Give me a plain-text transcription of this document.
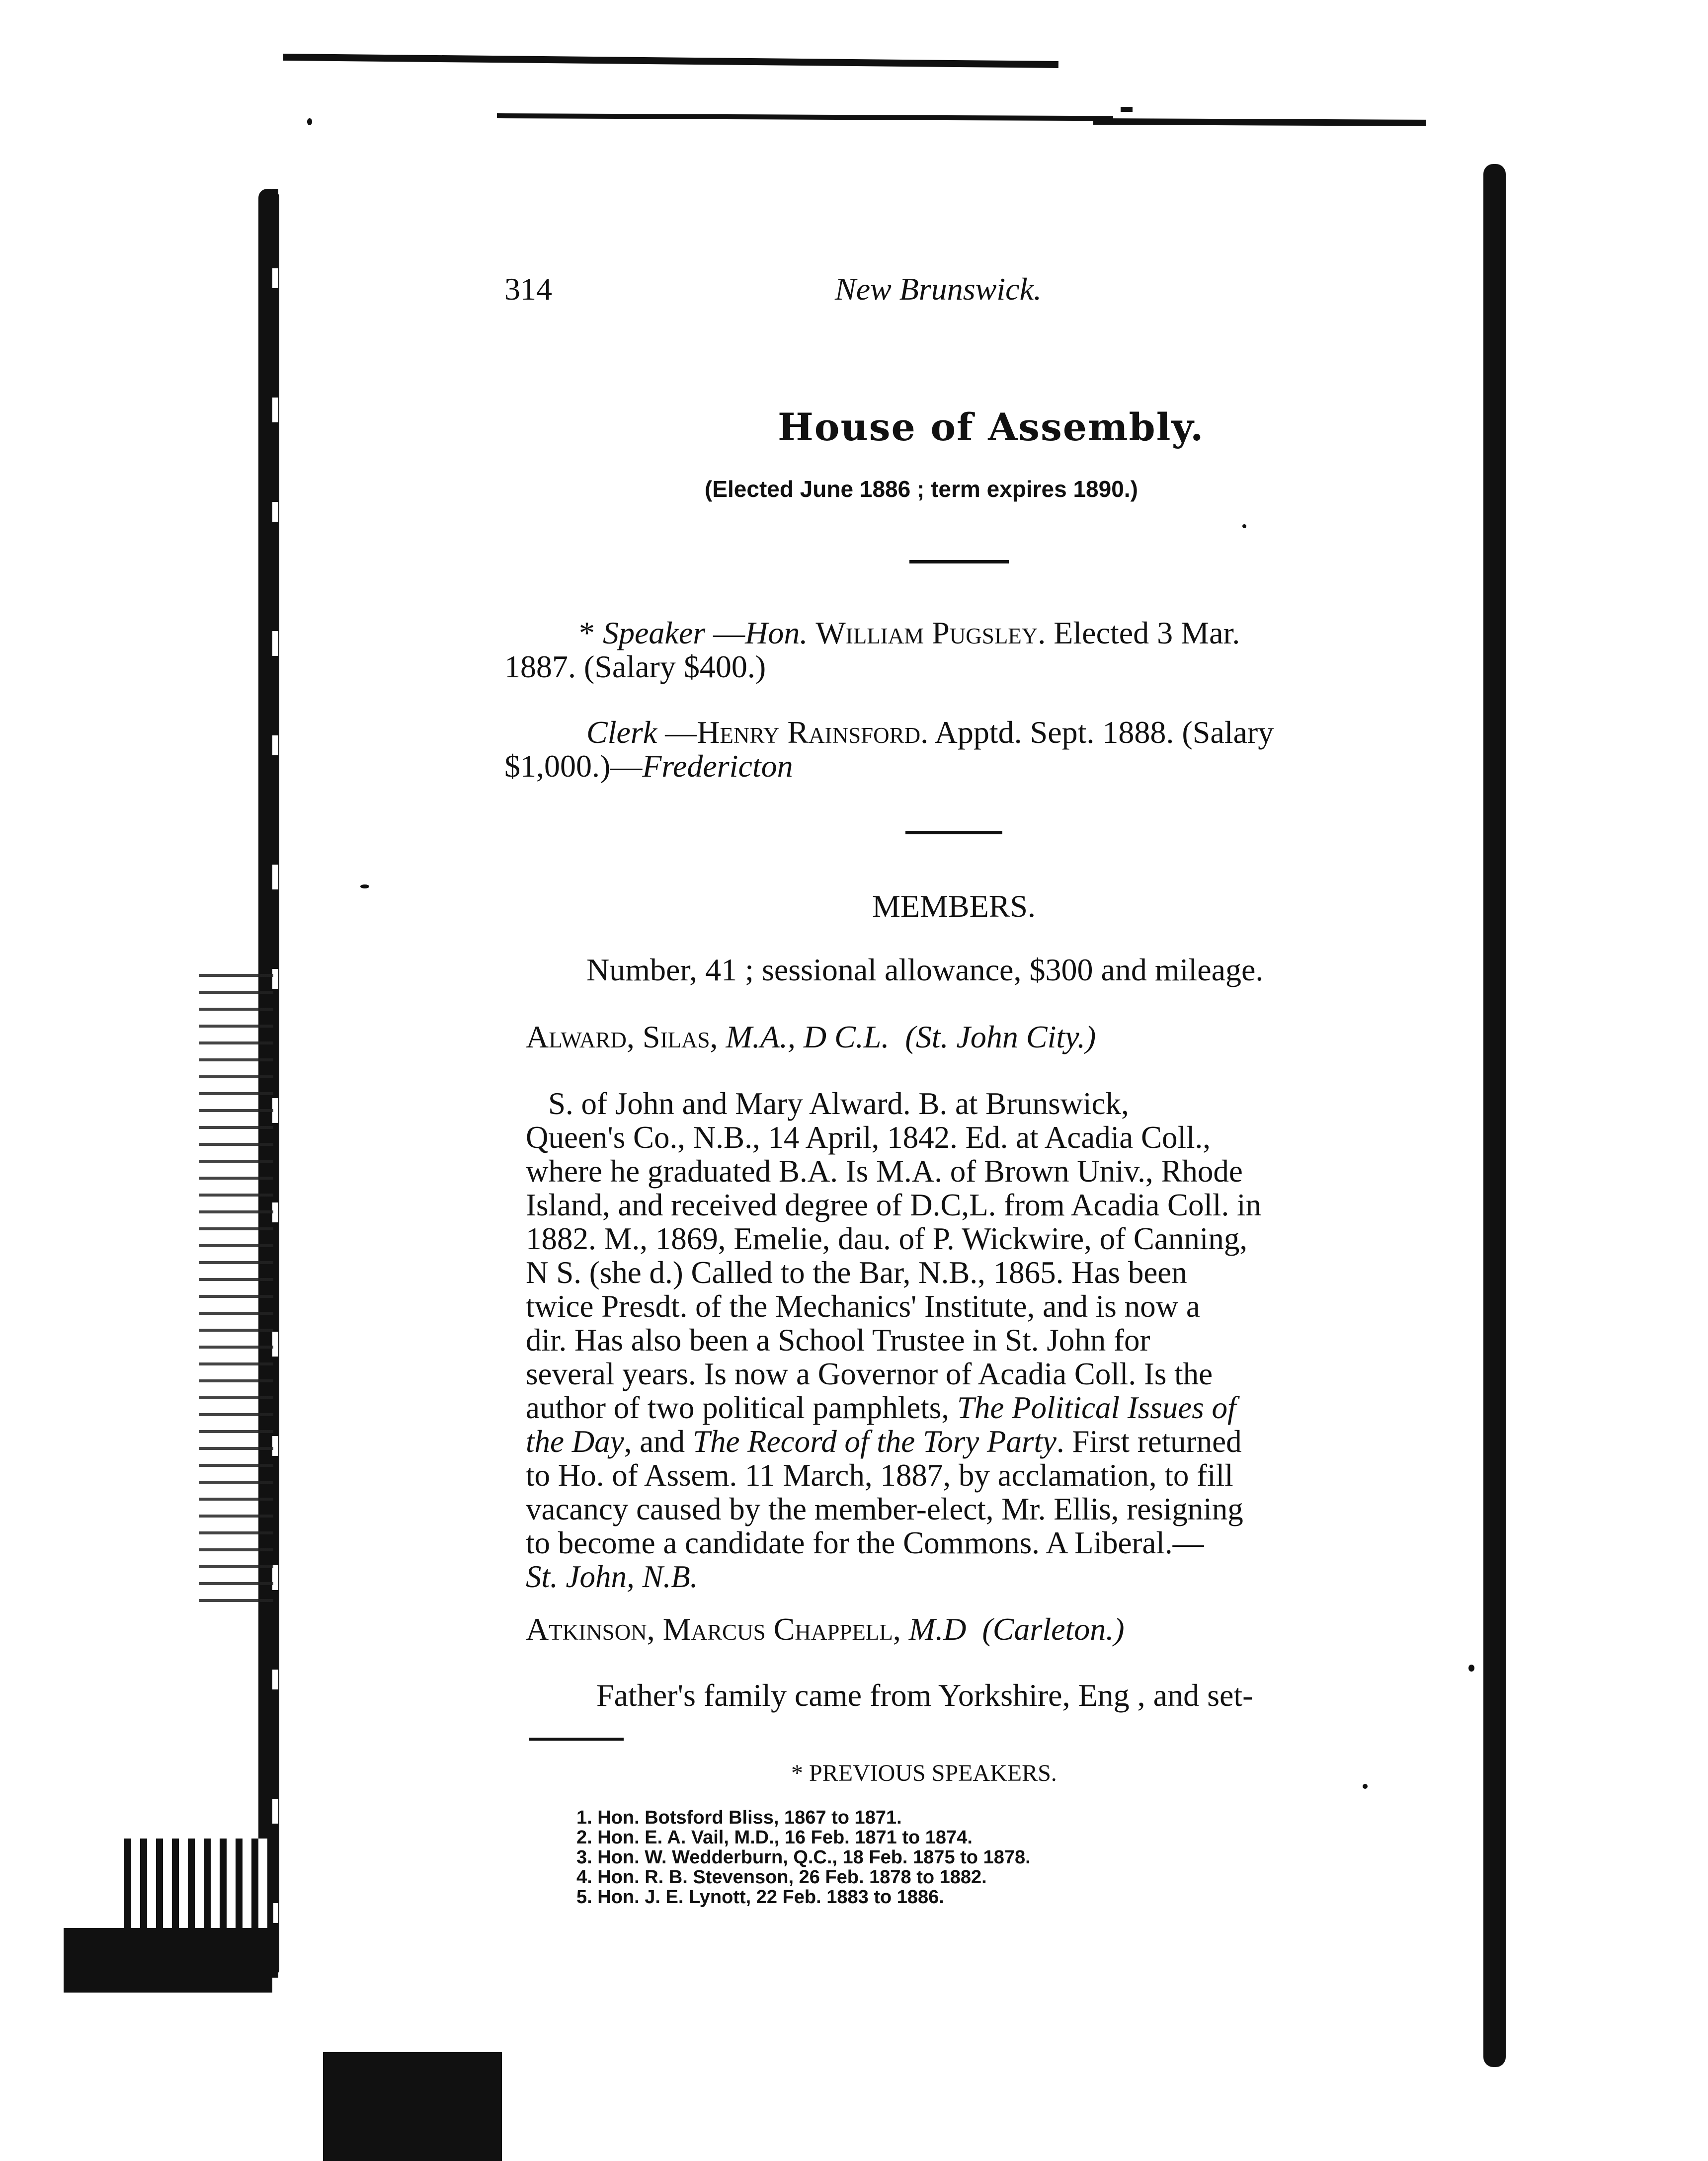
314	New Brunswick.
House of Assembly.
(Elected June 1886 ; term expires 1890.)
* Speaker —Hon. William Pugsley. Elected 3 Mar.
1887. (Salary $400.)
Clerk —Henry Rainsford. Apptd. Sept. 1888. (Salary
$1,000.)—Fredericton
MEMBERS.
Number, 41 ; sessional allowance, $300 and mileage.
Alward, Silas, M.A., D C.L. (St. John City.)
S. of John and Mary Alward. B. at Brunswick,
Queen's Co., N.B., 14 April, 1842. Ed. at Acadia Coll.,
where he graduated B.A. Is M.A. of Brown Univ., Rhode
Island, and received degree of D.C,L. from Acadia Coll. in
1882. M., 1869, Emelie, dau. of P. Wickwire, of Canning,
N S. (she d.) Called to the Bar, N.B., 1865. Has been
twice Presdt. of the Mechanics' Institute, and is now a
dir. Has also been a School Trustee in St. John for
several years. Is now a Governor of Acadia Coll. Is the
author of two political pamphlets, The Political Issues of
the Day, and The Record of the Tory Party. First returned
to Ho. of Assem. 11 March, 1887, by acclamation, to fill
vacancy caused by the member-elect, Mr. Ellis, resigning
to become a candidate for the Commons. A Liberal.—
St. John, N.B.
Atkinson, Marcus Chappell, M.D (Carleton.)
Father's family came from Yorkshire, Eng , and set-
* PREVIOUS SPEAKERS.
1. Hon. Botsford Bliss, 1867 to 1871.
2. Hon. E. A. Vail, M.D., 16 Feb. 1871 to 1874.
3. Hon. W. Wedderburn, Q.C., 18 Feb. 1875 to 1878.
4. Hon. R. B. Stevenson, 26 Feb. 1878 to 1882.
5. Hon. J. E. Lynott, 22 Feb. 1883 to 1886.
